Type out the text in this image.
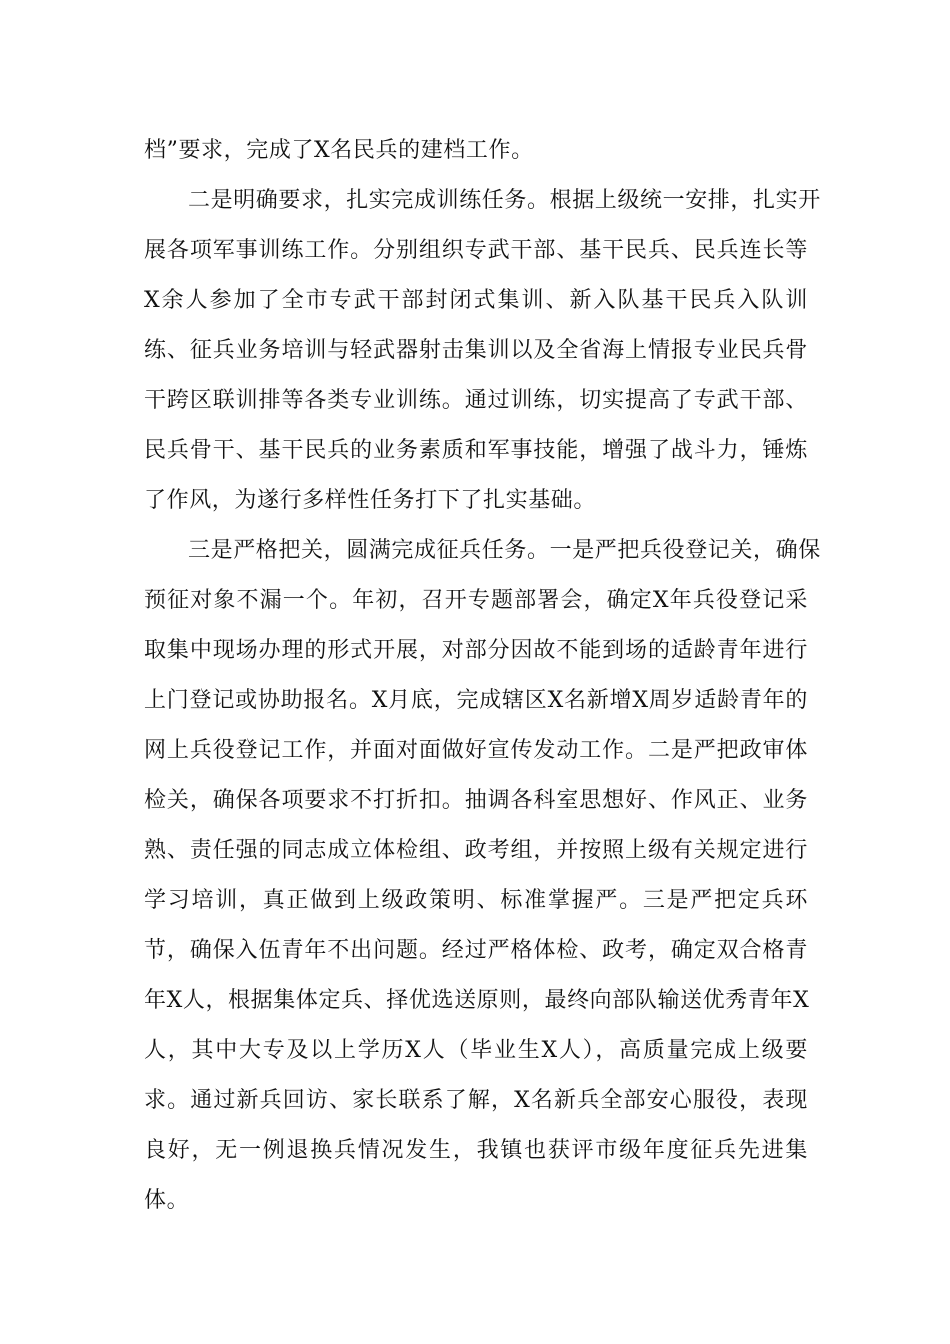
档”要求，完成了X名民兵的建档工作。
二是明确要求，扎实完成训练任务。根据上级统一安排，扎实开
展各项军事训练工作。分别组织专武干部、基干民兵、民兵连长等
X余人参加了全市专武干部封闭式集训、新入队基干民兵入队训
练、征兵业务培训与轻武器射击集训以及全省海上情报专业民兵骨
干跨区联训排等各类专业训练。通过训练，切实提高了专武干部、
民兵骨干、基干民兵的业务素质和军事技能，增强了战斗力，锤炼
了作风，为遂行多样性任务打下了扎实基础。
三是严格把关，圆满完成征兵任务。一是严把兵役登记关，确保
预征对象不漏一个。年初，召开专题部署会，确定X年兵役登记采
取集中现场办理的形式开展，对部分因故不能到场的适龄青年进行
上门登记或协助报名。X月底，完成辖区X名新增X周岁适龄青年的
网上兵役登记工作，并面对面做好宣传发动工作。二是严把政审体
检关，确保各项要求不打折扣。抽调各科室思想好、作风正、业务
熟、责任强的同志成立体检组、政考组，并按照上级有关规定进行
学习培训，真正做到上级政策明、标准掌握严。三是严把定兵环
节，确保入伍青年不出问题。经过严格体检、政考，确定双合格青
年X人，根据集体定兵、择优选送原则，最终向部队输送优秀青年X
人，其中大专及以上学历X人（毕业生X人），高质量完成上级要
求。通过新兵回访、家长联系了解，X名新兵全部安心服役，表现
良好，无一例退换兵情况发生，我镇也获评市级年度征兵先进集
体。
